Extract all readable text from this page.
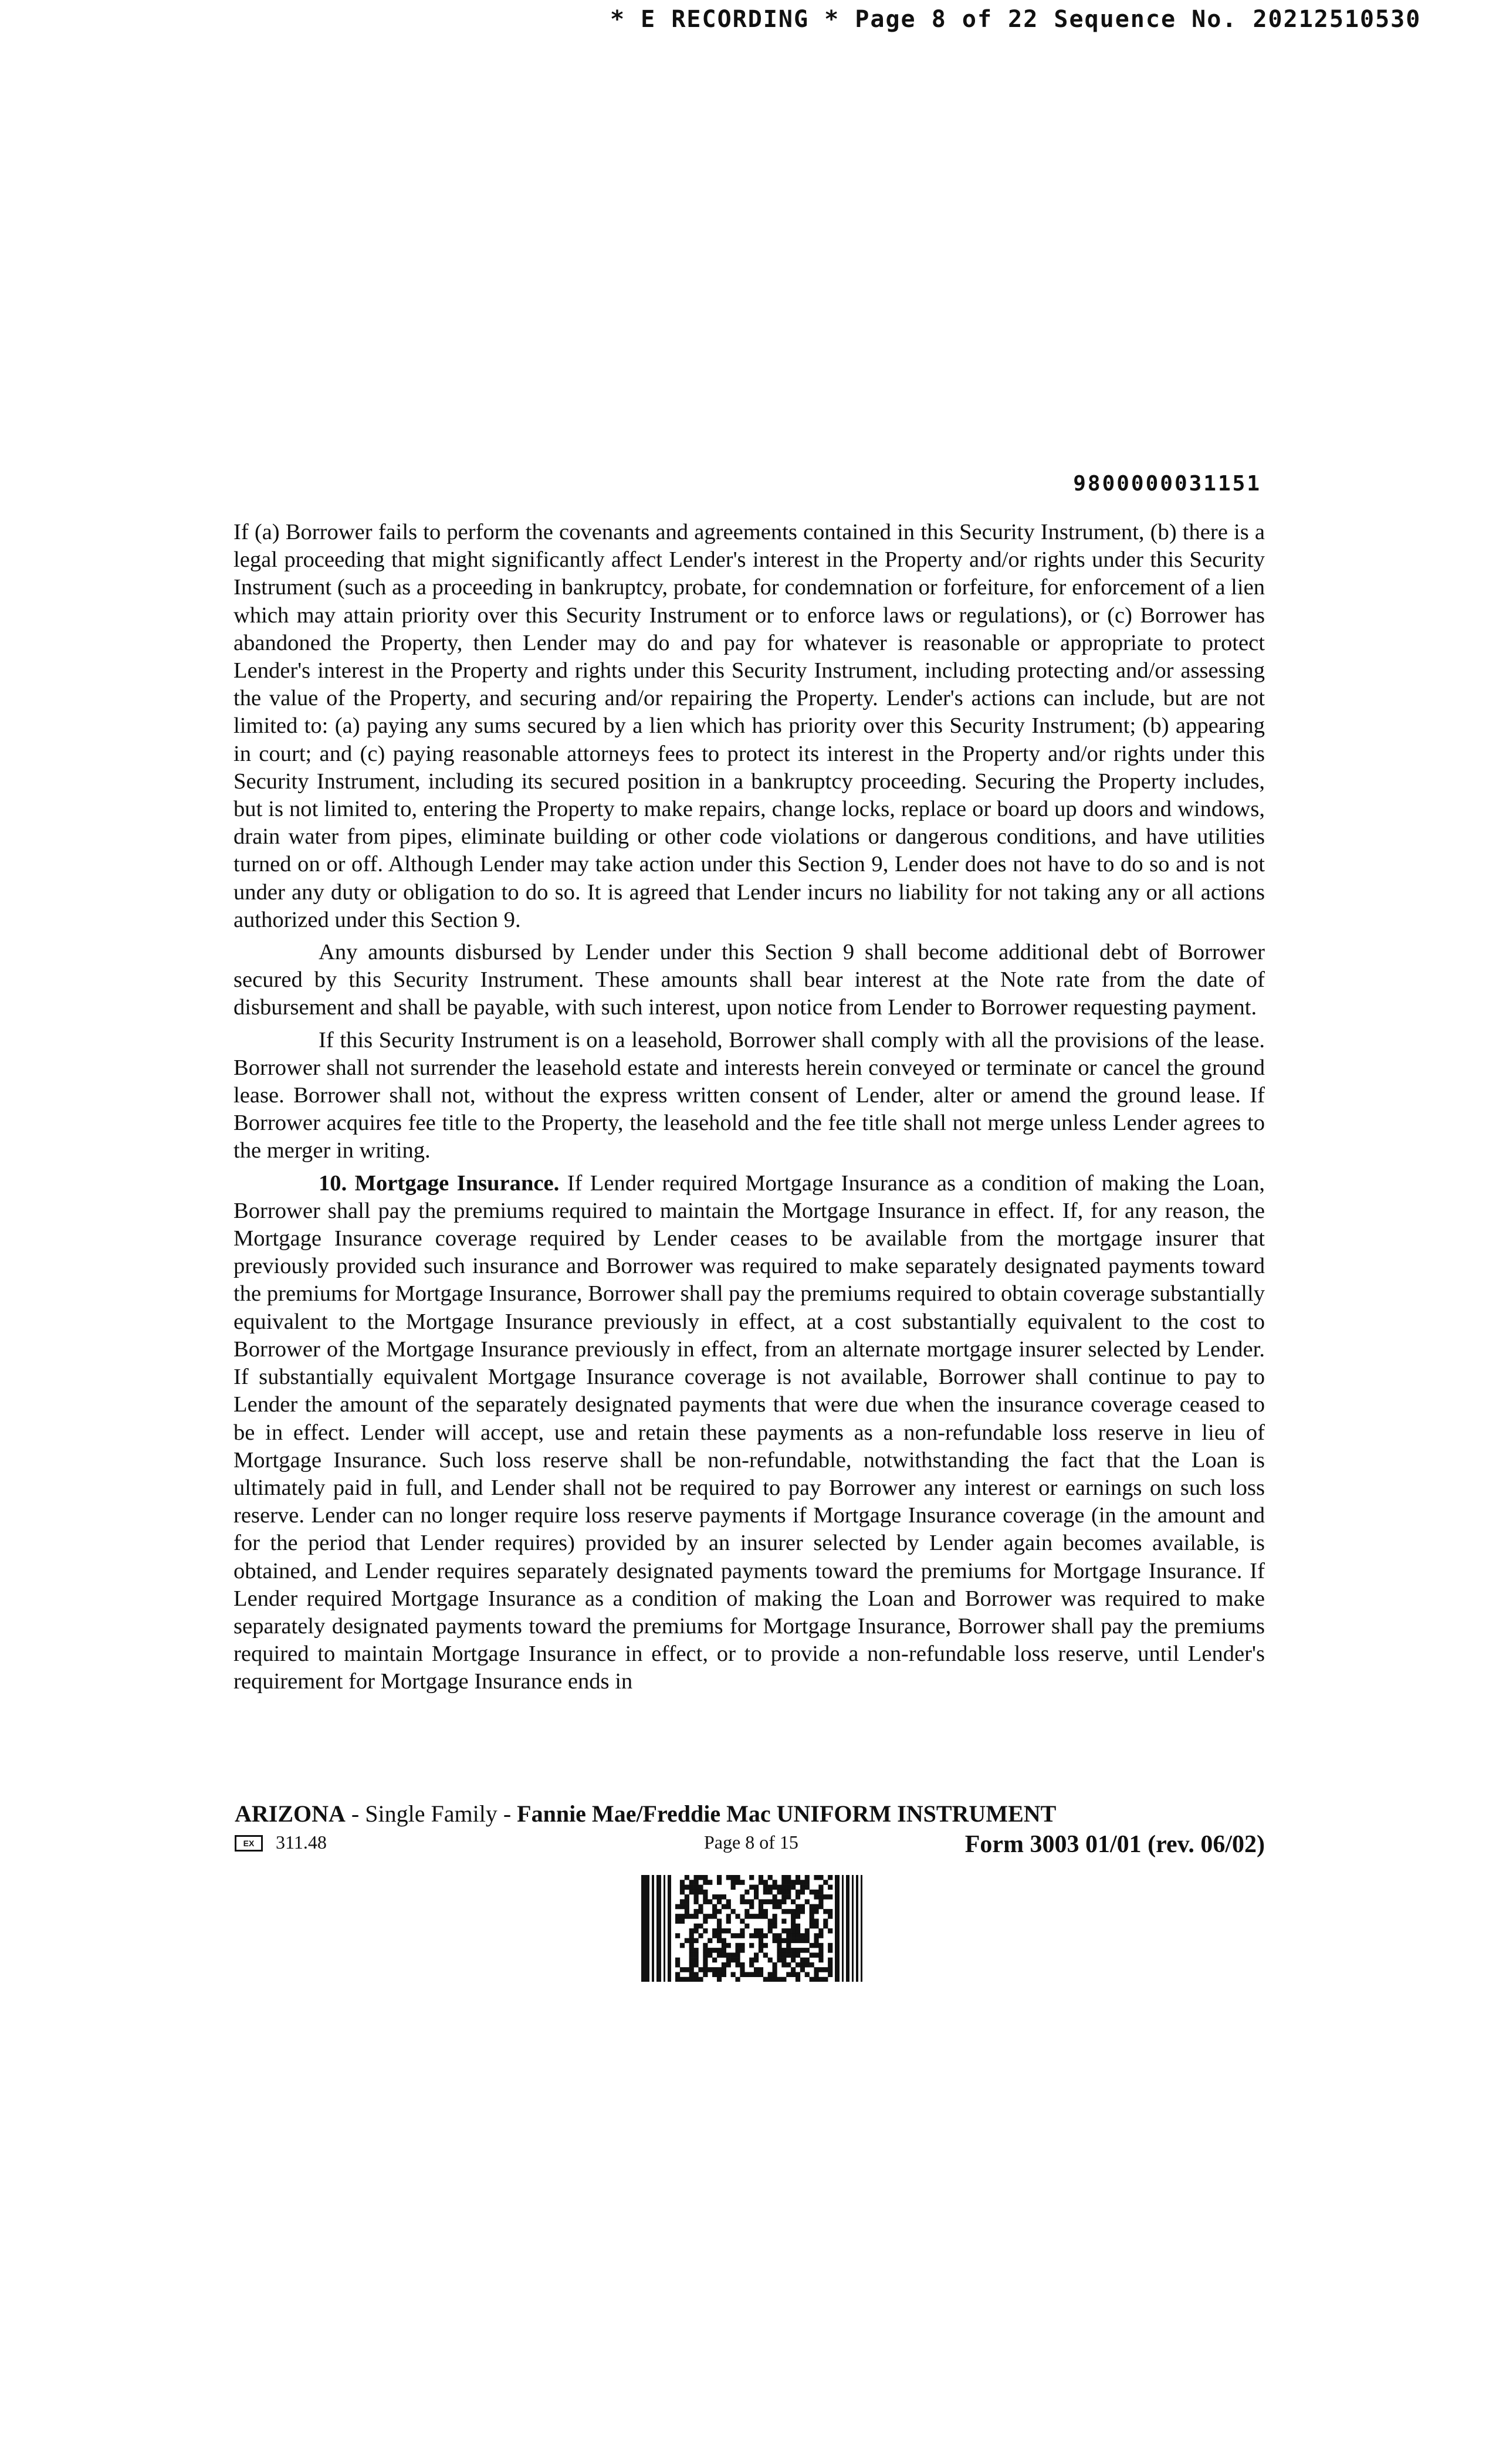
* E RECORDING * Page 8 of 22 Sequence No. 20212510530
9800000031151

If (a) Borrower fails to perform the covenants and agreements contained in this Security Instrument, (b) there is a legal proceeding that might significantly affect Lender's interest in the Property and/or rights under this Security Instrument (such as a proceeding in bankruptcy, probate, for condemnation or forfeiture, for enforcement of a lien which may attain priority over this Security Instrument or to enforce laws or regulations), or (c) Borrower has abandoned the Property, then Lender may do and pay for whatever is reasonable or appropriate to protect Lender's interest in the Property and rights under this Security Instrument, including protecting and/or assessing the value of the Property, and securing and/or repairing the Property. Lender's actions can include, but are not limited to: (a) paying any sums secured by a lien which has priority over this Security Instrument; (b) appearing in court; and (c) paying reasonable attorneys fees to protect its interest in the Property and/or rights under this Security Instrument, including its secured position in a bankruptcy proceeding. Securing the Property includes, but is not limited to, entering the Property to make repairs, change locks, replace or board up doors and windows, drain water from pipes, eliminate building or other code violations or dangerous conditions, and have utilities turned on or off. Although Lender may take action under this Section 9, Lender does not have to do so and is not under any duty or obligation to do so. It is agreed that Lender incurs no liability for not taking any or all actions authorized under this Section 9.

Any amounts disbursed by Lender under this Section 9 shall become additional debt of Borrower secured by this Security Instrument. These amounts shall bear interest at the Note rate from the date of disbursement and shall be payable, with such interest, upon notice from Lender to Borrower requesting payment.

If this Security Instrument is on a leasehold, Borrower shall comply with all the provisions of the lease. Borrower shall not surrender the leasehold estate and interests herein conveyed or terminate or cancel the ground lease. Borrower shall not, without the express written consent of Lender, alter or amend the ground lease. If Borrower acquires fee title to the Property, the leasehold and the fee title shall not merge unless Lender agrees to the merger in writing.

10. Mortgage Insurance. If Lender required Mortgage Insurance as a condition of making the Loan, Borrower shall pay the premiums required to maintain the Mortgage Insurance in effect. If, for any reason, the Mortgage Insurance coverage required by Lender ceases to be available from the mortgage insurer that previously provided such insurance and Borrower was required to make separately designated payments toward the premiums for Mortgage Insurance, Borrower shall pay the premiums required to obtain coverage substantially equivalent to the Mortgage Insurance previously in effect, at a cost substantially equivalent to the cost to Borrower of the Mortgage Insurance previously in effect, from an alternate mortgage insurer selected by Lender. If substantially equivalent Mortgage Insurance coverage is not available, Borrower shall continue to pay to Lender the amount of the separately designated payments that were due when the insurance coverage ceased to be in effect. Lender will accept, use and retain these payments as a non-refundable loss reserve in lieu of Mortgage Insurance. Such loss reserve shall be non-refundable, notwithstanding the fact that the Loan is ultimately paid in full, and Lender shall not be required to pay Borrower any interest or earnings on such loss reserve. Lender can no longer require loss reserve payments if Mortgage Insurance coverage (in the amount and for the period that Lender requires) provided by an insurer selected by Lender again becomes available, is obtained, and Lender requires separately designated payments toward the premiums for Mortgage Insurance. If Lender required Mortgage Insurance as a condition of making the Loan and Borrower was required to make separately designated payments toward the premiums for Mortgage Insurance, Borrower shall pay the premiums required to maintain Mortgage Insurance in effect, or to provide a non-refundable loss reserve, until Lender's requirement for Mortgage Insurance ends in

ARIZONA - Single Family - Fannie Mae/Freddie Mac UNIFORM INSTRUMENT
EX	311.48	Page 8 of 15	Form 3003 01/01 (rev. 06/02)
